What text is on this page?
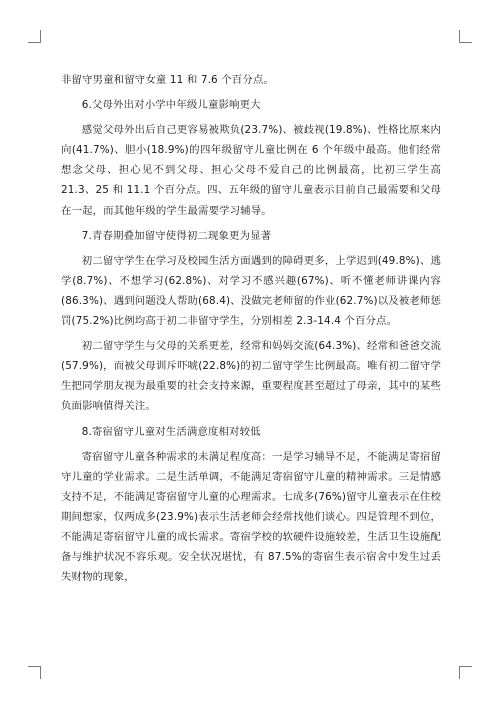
非留守男童和留守女童 11 和 7.6 个百分点。

6.父母外出对小学中年级儿童影响更大

感觉父母外出后自己更容易被欺负(23.7%)、被歧视(19.8%)、性格比原来内向(41.7%)、胆小(18.9%)的四年级留守儿童比例在 6 个年级中最高。他们经常想念父母、担心见不到父母、担心父母不爱自己的比例最高，比初三学生高 21.3、25 和 11.1 个百分点。四、五年级的留守儿童表示目前自己最需要和父母在一起，而其他年级的学生最需要学习辅导。

7.青春期叠加留守使得初二现象更为显著

初二留守学生在学习及校园生活方面遇到的障碍更多，上学迟到(49.8%)、逃学(8.7%)、不想学习(62.8%)、对学习不感兴趣(67%)、听不懂老师讲课内容(86.3%)、遇到问题没人帮助(68.4)、没做完老师留的作业(62.7%)以及被老师惩罚(75.2%)比例均高于初二非留守学生，分别相差 2.3-14.4 个百分点。

初二留守学生与父母的关系更差，经常和妈妈交流(64.3%)、经常和爸爸交流(57.9%)，而被父母训斥吓唬(22.8%)的初二留守学生比例最高。唯有初二留守学生把同学朋友视为最重要的社会支持来源，重要程度甚至超过了母亲，其中的某些负面影响值得关注。

8.寄宿留守儿童对生活满意度相对较低

寄宿留守儿童各种需求的未满足程度高：一是学习辅导不足，不能满足寄宿留守儿童的学业需求。二是生活单调，不能满足寄宿留守儿童的精神需求。三是情感支持不足，不能满足寄宿留守儿童的心理需求。七成多(76%)留守儿童表示在住校期间想家，仅两成多(23.9%)表示生活老师会经常找他们谈心。四是管理不到位，不能满足寄宿留守儿童的成长需求。寄宿学校的软硬件设施较差，生活卫生设施配备与维护状况不容乐观。安全状况堪忧，有 87.5%的寄宿生表示宿舍中发生过丢失财物的现象，
